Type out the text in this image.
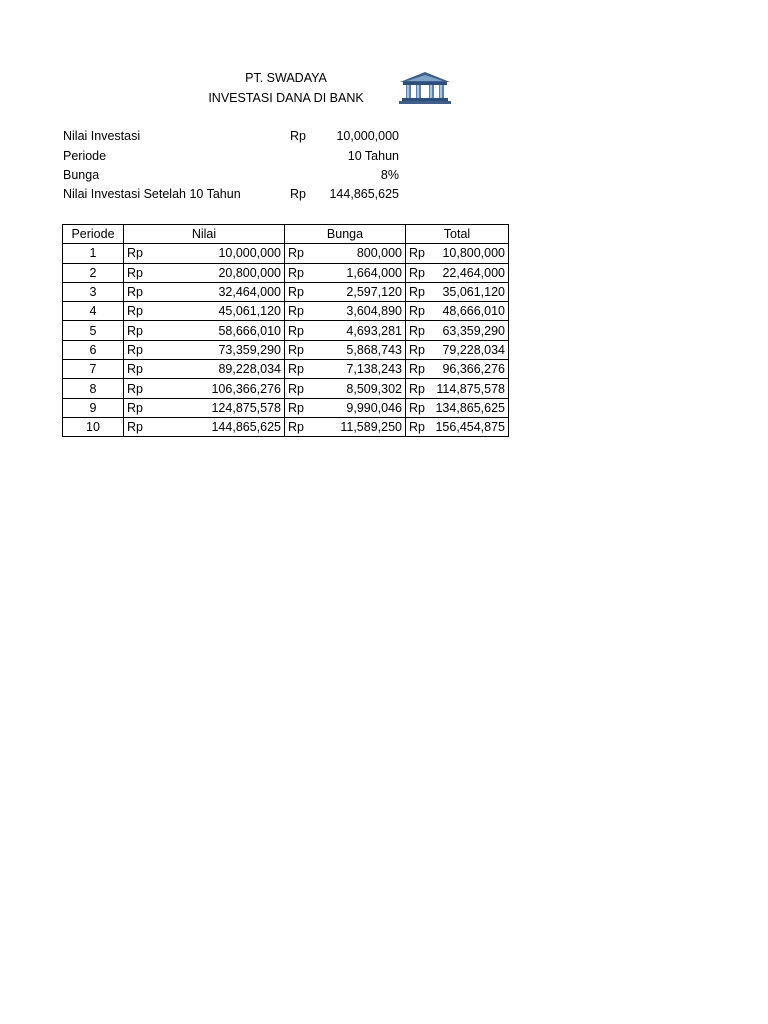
PT. SWADAYA
INVESTASI DANA DI BANK
Nilai Investasi	Rp 10,000,000
Periode	10 Tahun
Bunga	8%
Nilai Investasi Setelah 10 Tahun	Rp 144,865,625
Periode	Nilai	Bunga	Total
1	Rp 10,000,000	Rp 800,000	Rp 10,800,000

2	Rp 20,800,000	Rp 1,664,000	Rp 22,464,000

3	Rp 32,464,000	Rp 2,597,120	Rp 35,061,120

4	Rp 45,061,120	Rp 3,604,890	Rp 48,666,010

5	Rp 58,666,010	Rp 4,693,281	Rp 63,359,290

6	Rp 73,359,290	Rp 5,868,743	Rp 79,228,034

7	Rp 89,228,034	Rp 7,138,243	Rp 96,366,276

8	Rp 106,366,276	Rp 8,509,302	Rp 114,875,578

9	Rp 124,875,578	Rp 9,990,046	Rp 134,865,625

10	Rp 144,865,625	Rp 11,589,250	Rp 156,454,875
